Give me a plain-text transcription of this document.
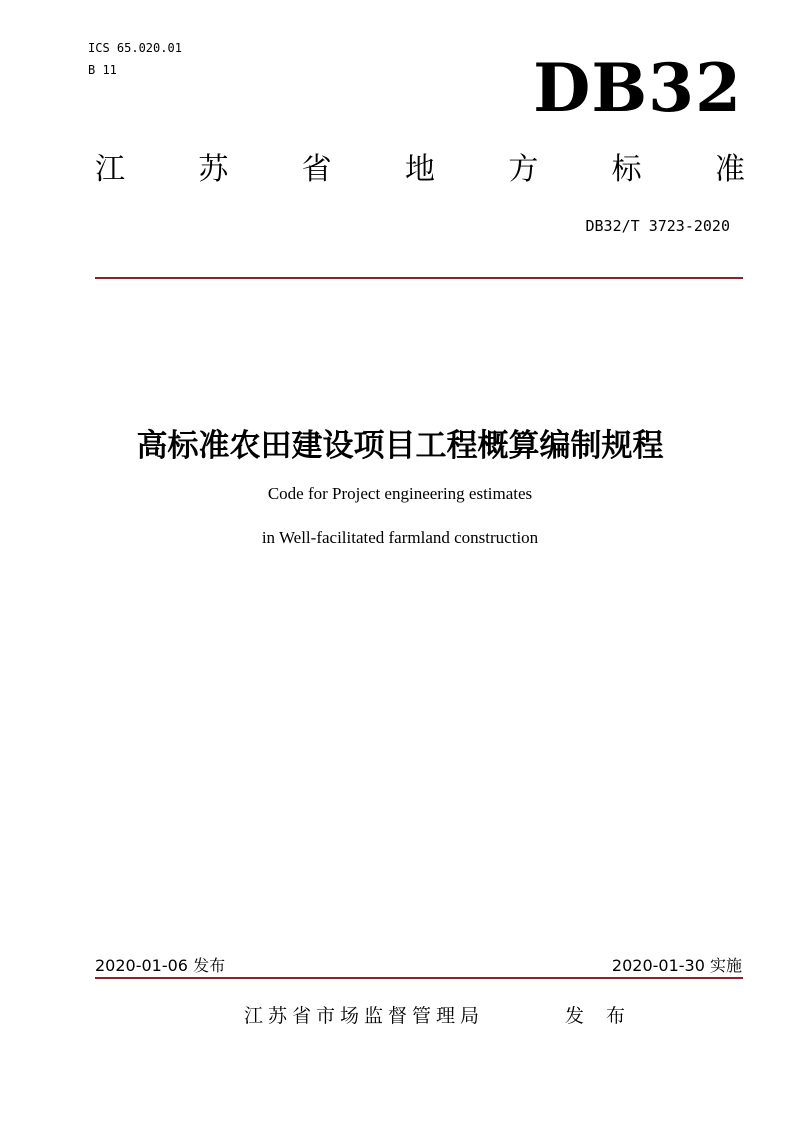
ICS 65.020.01
B 11	DB32
江 苏 省 地 方 标 准
DB32/T 3723-2020
高标准农田建设项目工程概算编制规程
Code for Project engineering estimates
in Well-facilitated farmland construction
2020-01-06 发布	2020-01-30 实施
江苏省市场监督管理局	发 布
